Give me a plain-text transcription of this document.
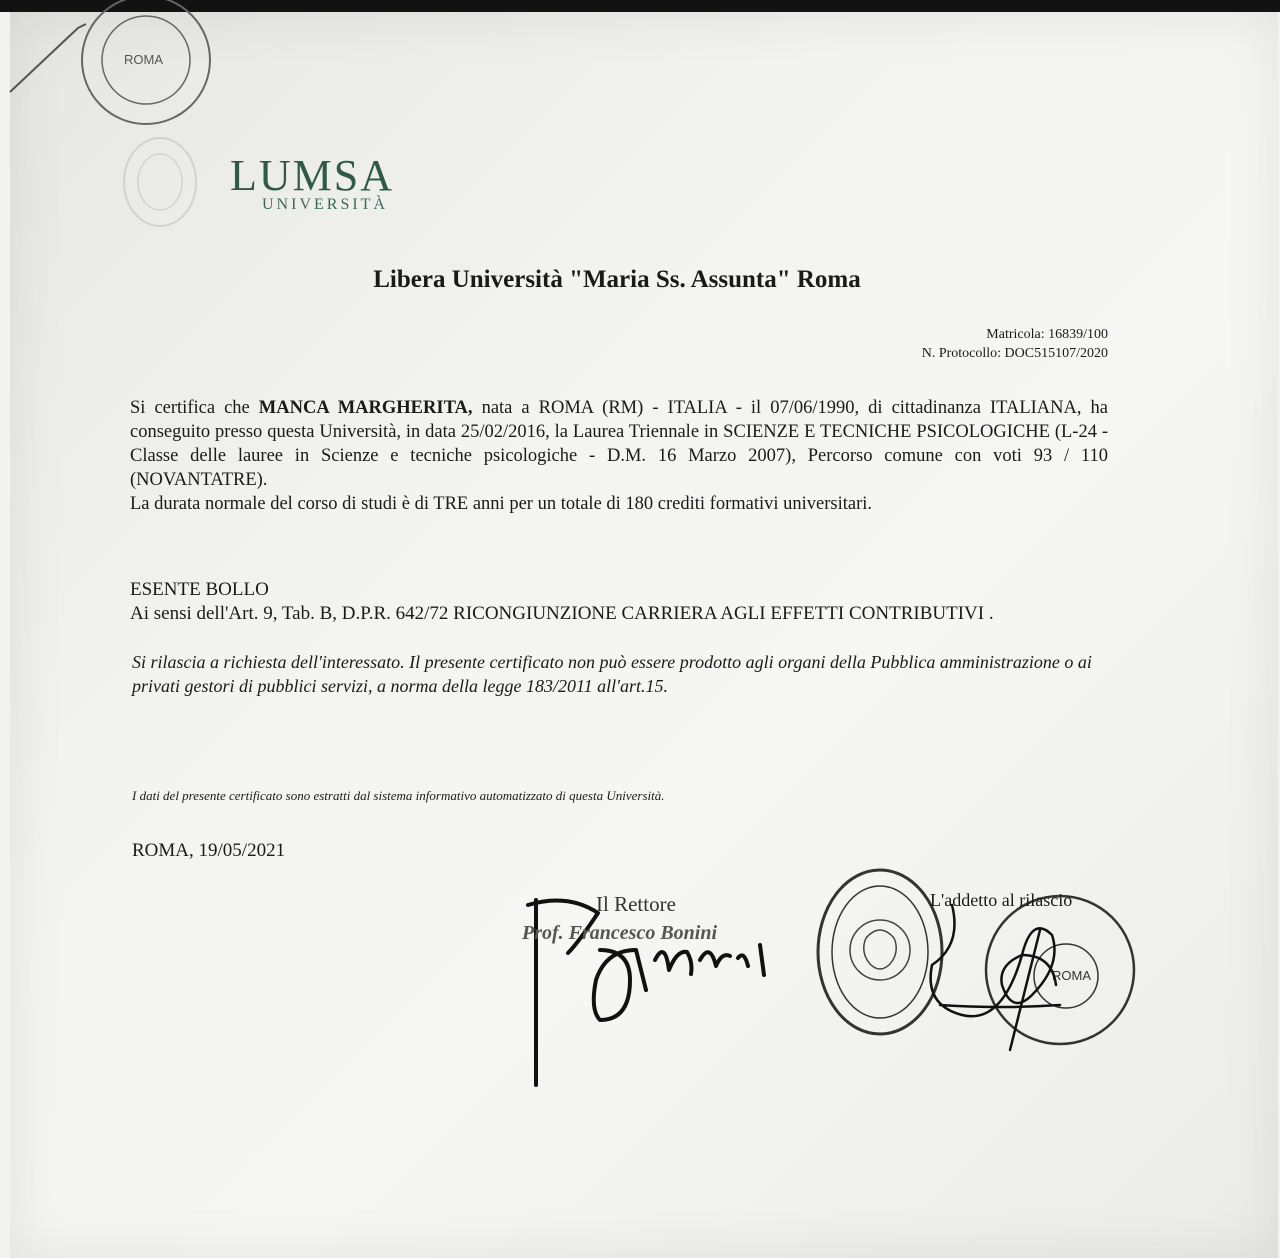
ROMA
ROMA
LUMSA
UNIVERSITÀ
Libera Università "Maria Ss. Assunta" Roma
Matricola: 16839/100
N. Protocollo: DOC515107/2020

Si certifica che MANCA MARGHERITA, nata a ROMA (RM) - ITALIA - il 07/06/1990, di cittadinanza ITALIANA, ha conseguito presso questa Università, in data 25/02/2016, la Laurea Triennale in SCIENZE E TECNICHE PSICOLOGICHE (L-24 - Classe delle lauree in Scienze e tecniche psicologiche - D.M. 16 Marzo 2007), Percorso comune con voti 93 / 110 (NOVANTATRE).

La durata normale del corso di studi è di TRE anni per un totale di 180 crediti formativi universitari.

ESENTE BOLLO
Ai sensi dell'Art. 9, Tab. B, D.P.R. 642/72 RICONGIUNZIONE CARRIERA AGLI EFFETTI CONTRIBUTIVI .
Si rilascia a richiesta dell'interessato. Il presente certificato non può essere prodotto agli organi della Pubblica amministrazione o ai privati gestori di pubblici servizi, a norma della legge 183/2011 all'art.15.
I dati del presente certificato sono estratti dal sistema informativo automatizzato di questa Università.
ROMA, 19/05/2021
Il Rettore
Prof. Francesco Bonini
L'addetto al rilascio
